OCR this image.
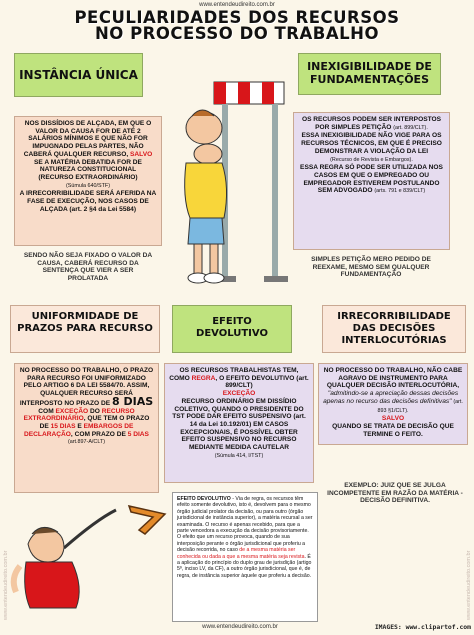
www.entendeudireito.com.br	www.entendeudireito.com.br
www.entendeudireito.com.br
PECULIARIDADES DOS RECURSOS
NO PROCESSO DO TRABALHO
INSTÂNCIA ÚNICA
NOS DISSÍDIOS DE ALÇADA, EM QUE O VALOR DA CAUSA FOR DE ATÉ 2 SALÁRIOS MÍNIMOS E QUE NÃO FOR IMPUGNADO PELAS PARTES, NÃO CABERÁ QUALQUER RECURSO, SALVO SE A MATÉRIA DEBATIDA FOR DE NATUREZA CONSTITUCIONAL
(RECURSO EXTRAORDINÁRIO)
(Súmula 640/STF)
A IRRECORRIBILIDADE SERÁ AFERIDA NA FASE DE EXECUÇÃO, NOS CASOS DE ALÇADA (art. 2 §4 da Lei 5584)
SENDO NÃO SEJA FIXADO O VALOR DA CAUSA, CABERÁ RECURSO DA SENTENÇA QUE VIER A SER PROLATADA
INEXIGIBILIDADE DE FUNDAMENTAÇÕES
OS RECURSOS PODEM SER INTERPOSTOS POR SIMPLES PETIÇÃO (art. 899/CLT).
ESSA INEXIGIBILIDADE NÃO VIGE PARA OS RECURSOS TÉCNICOS, EM QUE É PRECISO DEMONSTRAR A VIOLAÇÃO DA LEI
(Recurso de Revista e Embargos).
ESSA REGRA SÓ PODE SER UTILIZADA NOS CASOS EM QUE O EMPREGADO OU EMPREGADOR ESTIVEREM POSTULANDO SEM ADVOGADO (arts. 791 e 839/CLT)
SIMPLES PETIÇÃO MERO PEDIDO DE REEXAME, MESMO SEM QUALQUER FUNDAMENTAÇÃO
UNIFORMIDADE DE PRAZOS PARA RECURSO
EFEITO DEVOLUTIVO
IRRECORRIBILIDADE DAS DECISÕES INTERLOCUTÓRIAS
NO PROCESSO DO TRABALHO, O PRAZO PARA RECURSO FOI UNIFORMIZADO PELO ARTIGO 6 DA LEI 5584/70. ASSIM, QUALQUER RECURSO SERÁ INTERPOSTO NO PRAZO DE 8 DIAS
COM EXCEÇÃO DO RECURSO EXTRAORDINÁRIO, QUE TEM O PRAZO DE 15 DIAS E EMBARGOS DE DECLARAÇÃO, COM PRAZO DE 5 DIAS
(art.897-A/CLT)
OS RECURSOS TRABALHISTAS TEM, COMO REGRA, O EFEITO DEVOLUTIVO (art. 899/CLT)
EXCEÇÃO
RECURSO ORDINÁRIO EM DISSÍDIO COLETIVO, QUANDO O PRESIDENTE DO TST PODE DAR EFEITO SUSPENSIVO (art. 14 da Lei 10.192/01) EM CASOS EXCEPCIONAIS, É POSSÍVEL OBTER EFEITO SUSPENSIVO NO RECURSO MEDIANTE MEDIDA CAUTELAR
(Súmula 414, I/TST)
NO PROCESSO DO TRABALHO, NÃO CABE AGRAVO DE INSTRUMENTO PARA QUALQUER DECISÃO INTERLOCUTÓRIA,
"admitindo-se a apreciação dessas decisões apenas no recurso das decisões definitivas" (art. 893 §1/CLT).
SALVO
QUANDO SE TRATA DE DECISÃO QUE TERMINE O FEITO.
EXEMPLO: JUIZ QUE SE JULGA INCOMPETENTE EM RAZÃO DA MATÉRIA - DECISÃO DEFINITIVA.
EFEITO DEVOLUTIVO - Via de regra, os recursos têm efeito somente devolutivo, isto é, devolvem para o mesmo órgão judicial prolator da decisão, ou para outro (órgão jurisdicional de instância superior), a matéria recursal a ser examinada. O recurso é apenas recebido, para que a parte vencedora a execução da decisão provisoriamente.
O efeito que um recurso provoca, quando de sua interposição perante o órgão jurisdicional que proferiu a decisão recorrida, no caso de a mesma matéria ser conhecida ou dada a que a mesma matéria seja revista. É a aplicação do princípio do duplo grau de jurisdição (artigo 5º, inciso LV, da CF), a outro órgão jurisdicional, que é, de regra, de instância superior àquele que proferiu a decisão.
www.entendeudireito.com.br	IMAGES: www.clipartof.com
